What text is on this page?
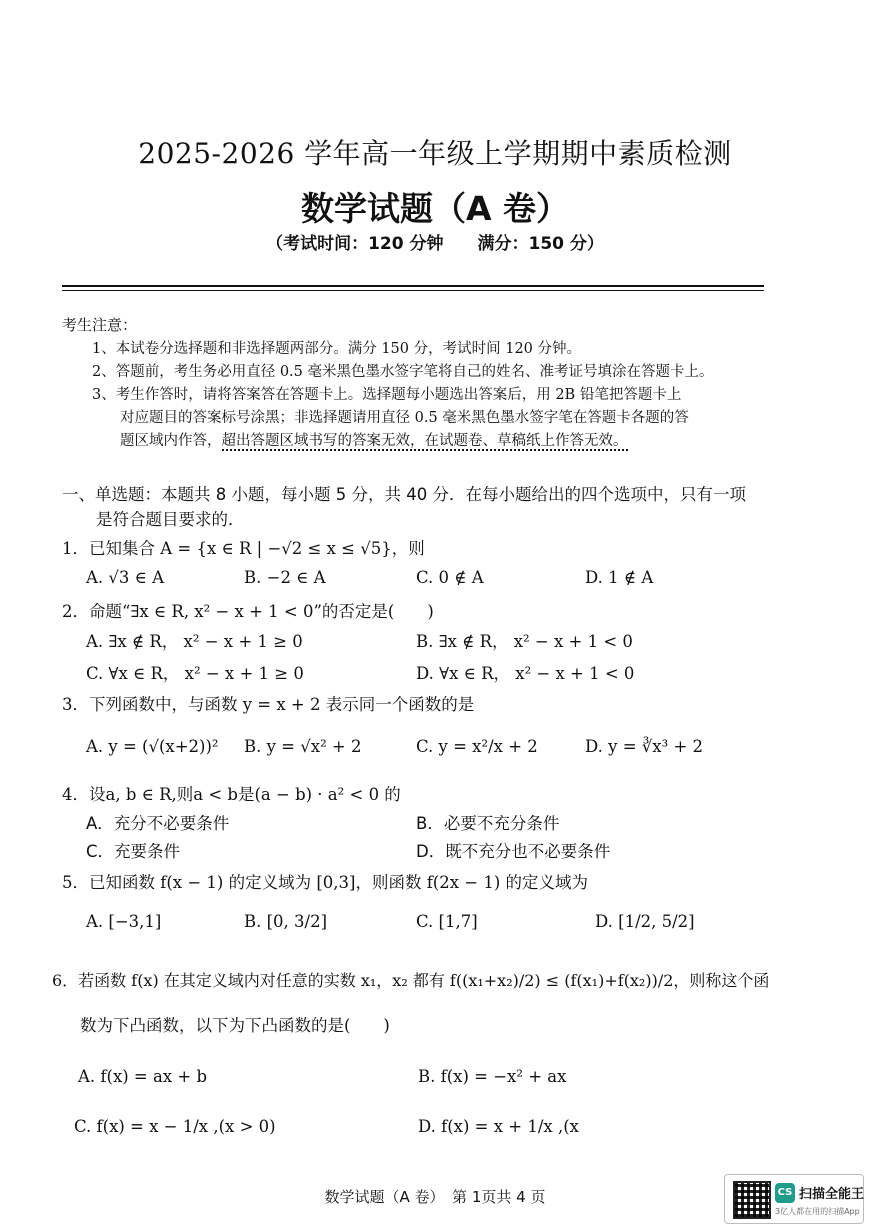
2025-2026 学年高一年级上学期期中素质检测
数学试题（A 卷）
（考试时间：120 分钟　　满分：150 分）
考生注意：
1、本试卷分选择题和非选择题两部分。满分 150 分，考试时间 120 分钟。
2、答题前，考生务必用直径 0.5 毫米黑色墨水签字笔将自己的姓名、准考证号填涂在答题卡上。
3、考生作答时，请将答案答在答题卡上。选择题每小题选出答案后，用 2B 铅笔把答题卡上
对应题目的答案标号涂黑；非选择题请用直径 0.5 毫米黑色墨水签字笔在答题卡各题的答
题区域内作答，超出答题区域书写的答案无效，在试题卷、草稿纸上作答无效。
一、单选题：本题共 8 小题，每小题 5 分，共 40 分．在每小题给出的四个选项中，只有一项
是符合题目要求的．
1．已知集合 A = {x ∈ R | −√2 ≤ x ≤ √5}，则
A. √3 ∈ A	B. −2 ∈ A	C. 0 ∉ A	D. 1 ∉ A
2．命题“∃x ∈ R, x² − x + 1 < 0”的否定是(　　)
A. ∃x ∉ R， x² − x + 1 ≥ 0	B. ∃x ∉ R， x² − x + 1 < 0
C. ∀x ∈ R， x² − x + 1 ≥ 0	D. ∀x ∈ R， x² − x + 1 < 0
3．下列函数中，与函数 y = x + 2 表示同一个函数的是
A. y = (√(x+2))² B. y = √x² + 2	C. y = x²/x + 2	D. y = ∛x³ + 2
4．设a, b ∈ R,则a < b是(a − b) · a² < 0 的
A．充分不必要条件	B．必要不充分条件
C．充要条件	D．既不充分也不必要条件
5．已知函数 f(x − 1) 的定义域为 [0,3]，则函数 f(2x − 1) 的定义域为
A. [−3,1]	B. [0, 3/2]	C. [1,7]	D. [1/2, 5/2]
6．若函数 f(x) 在其定义域内对任意的实数 x₁，x₂ 都有 f((x₁+x₂)/2) ≤ (f(x₁)+f(x₂))/2，则称这个函
数为下凸函数，以下为下凸函数的是(　　)
A. f(x) = ax + b	B. f(x) = −x² + ax
C. f(x) = x − 1/x ,(x > 0)	D. f(x) = x + 1/x ,(x
数学试题（A 卷）　第 1页共 4 页	CS 扫描全能王
3亿人都在用的扫描App
